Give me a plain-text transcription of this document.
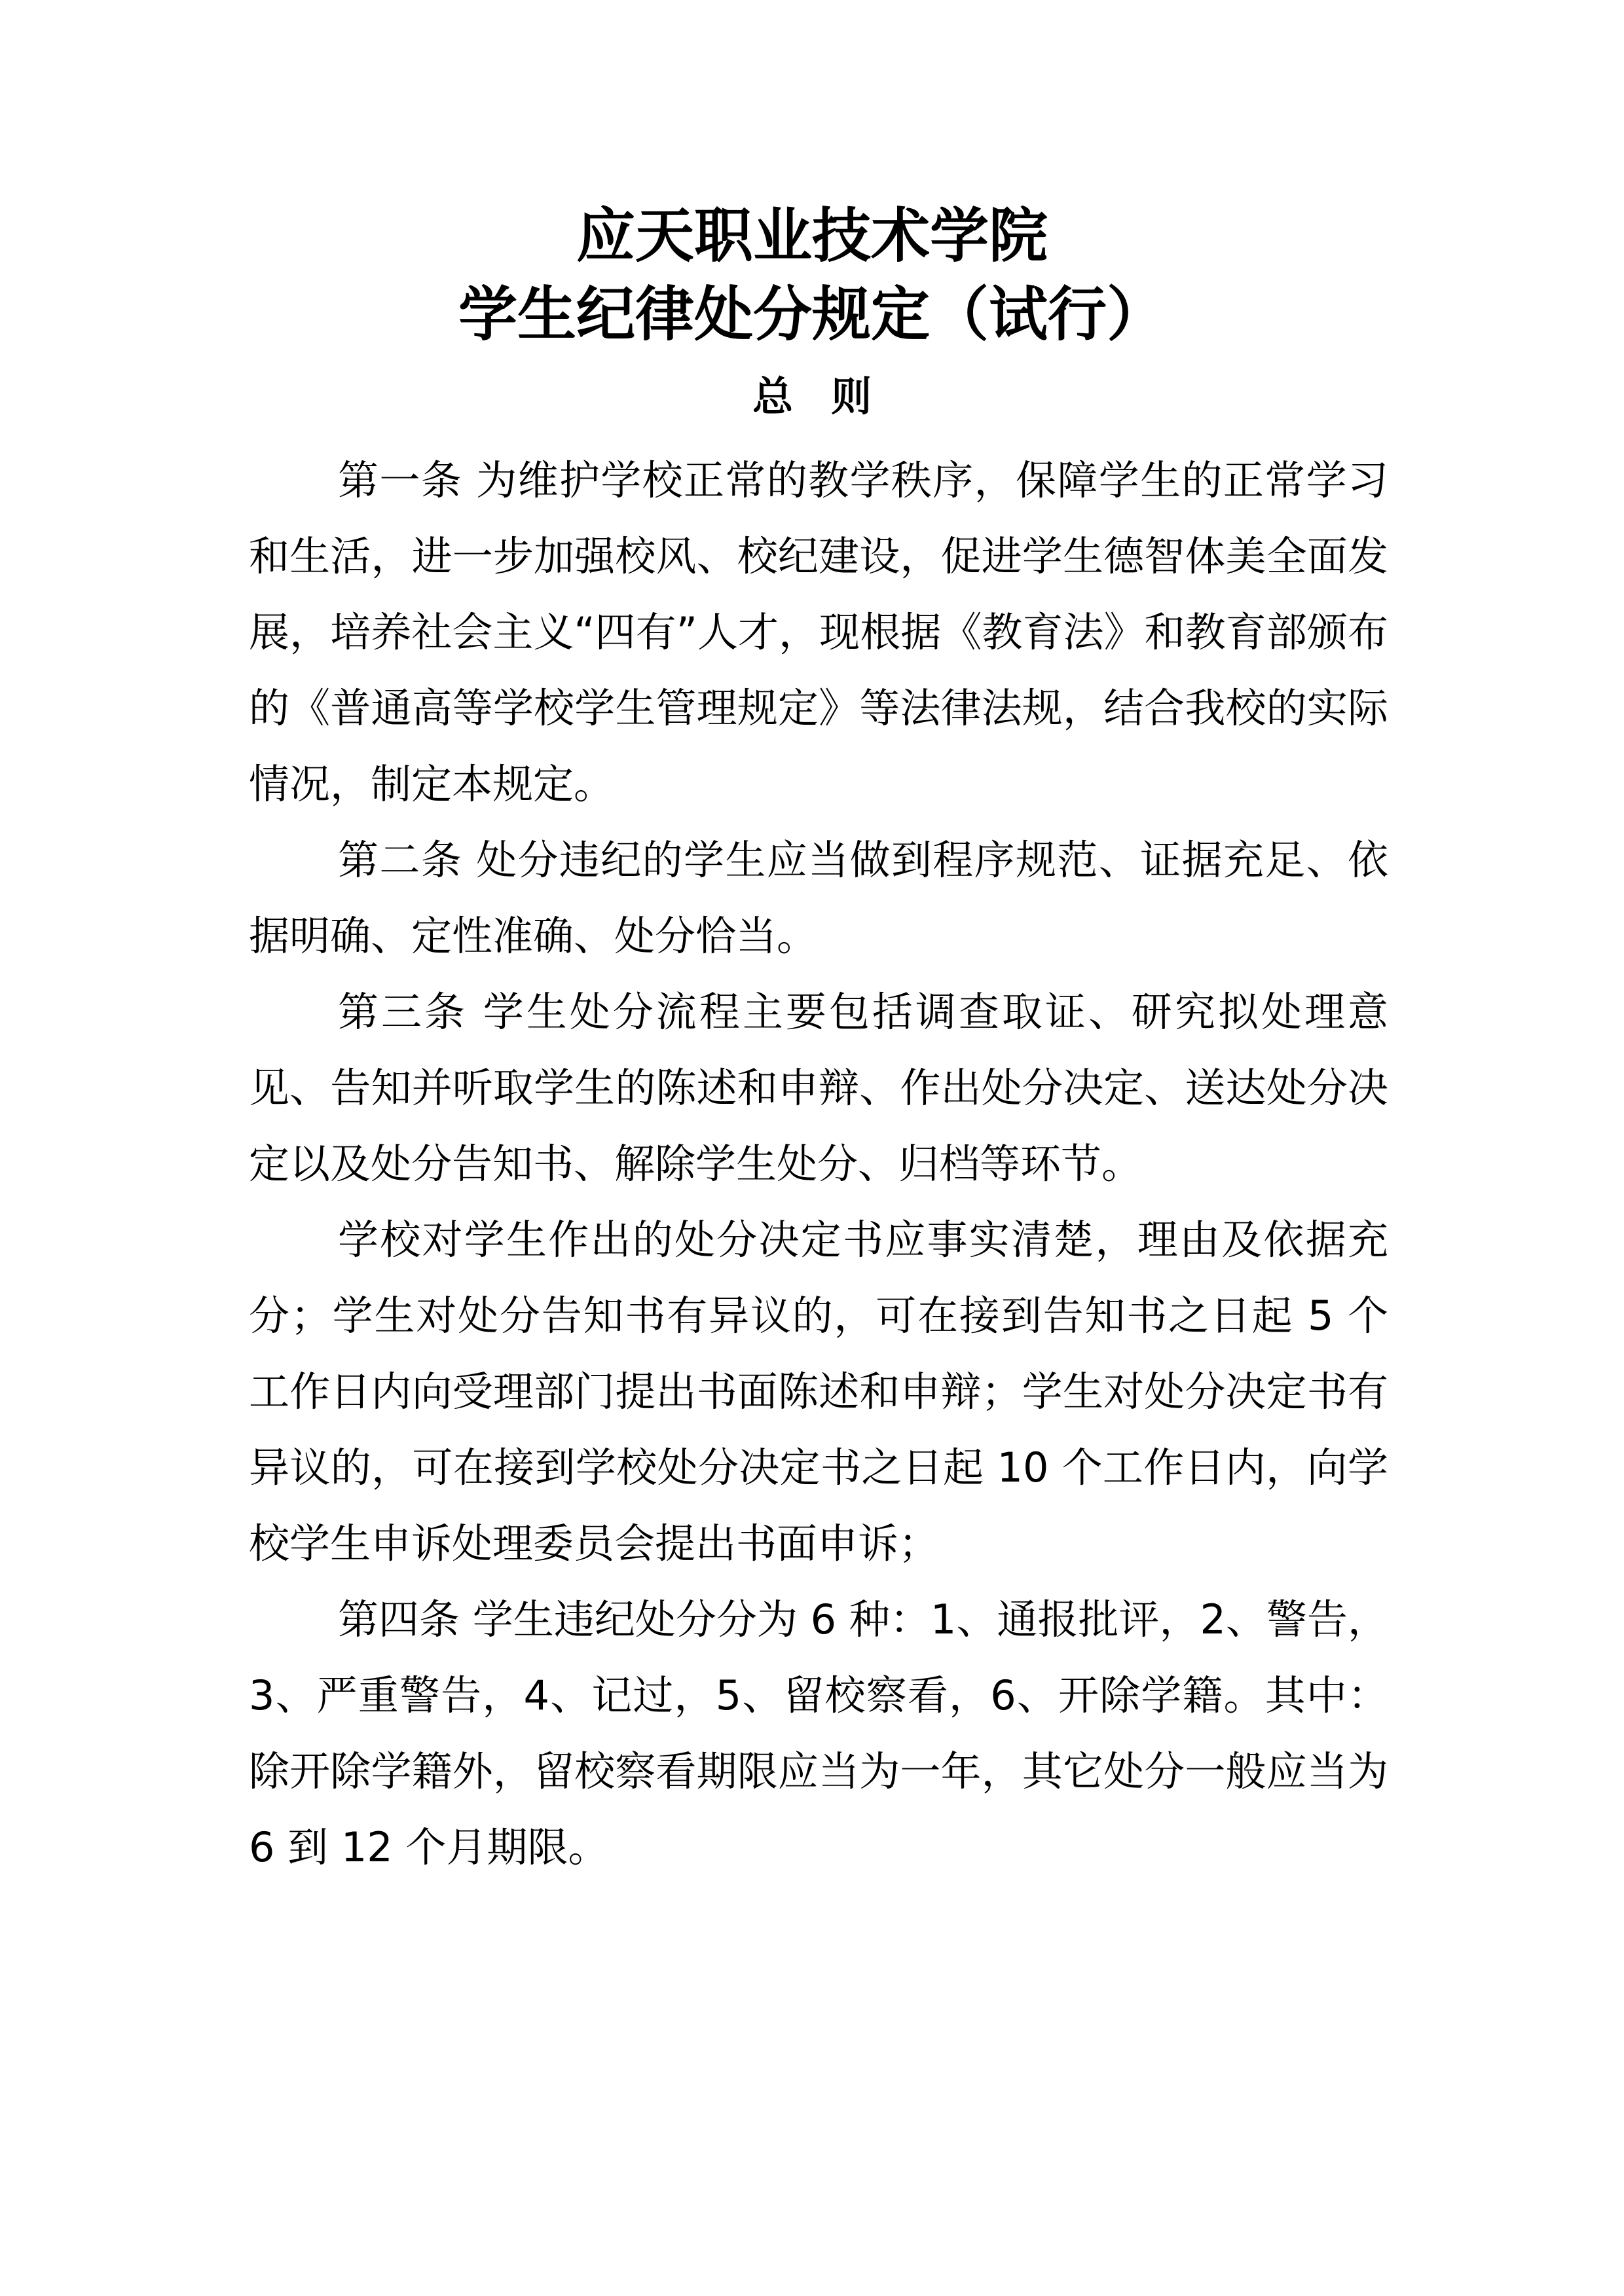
应天职业技术学院
学生纪律处分规定（试行）
总则

第一条 为维护学校正常的教学秩序，保障学生的正常学习和生活，进一步加强校风、校纪建设，促进学生德智体美全面发展，培养社会主义“四有”人才，现根据《教育法》和教育部颁布的《普通高等学校学生管理规定》等法律法规，结合我校的实际情况，制定本规定。

第二条 处分违纪的学生应当做到程序规范、证据充足、依据明确、定性准确、处分恰当。

第三条 学生处分流程主要包括调查取证、研究拟处理意见、告知并听取学生的陈述和申辩、作出处分决定、送达处分决定以及处分告知书、解除学生处分、归档等环节。

学校对学生作出的处分决定书应事实清楚，理由及依据充分；学生对处分告知书有异议的，可在接到告知书之日起 5 个工作日内向受理部门提出书面陈述和申辩；学生对处分决定书有异议的，可在接到学校处分决定书之日起 10 个工作日内，向学校学生申诉处理委员会提出书面申诉；

第四条 学生违纪处分分为 6 种：1、通报批评，2、警告，3、严重警告，4、记过，5、留校察看，6、开除学籍。其中：除开除学籍外，留校察看期限应当为一年，其它处分一般应当为 6 到 12 个月期限。
